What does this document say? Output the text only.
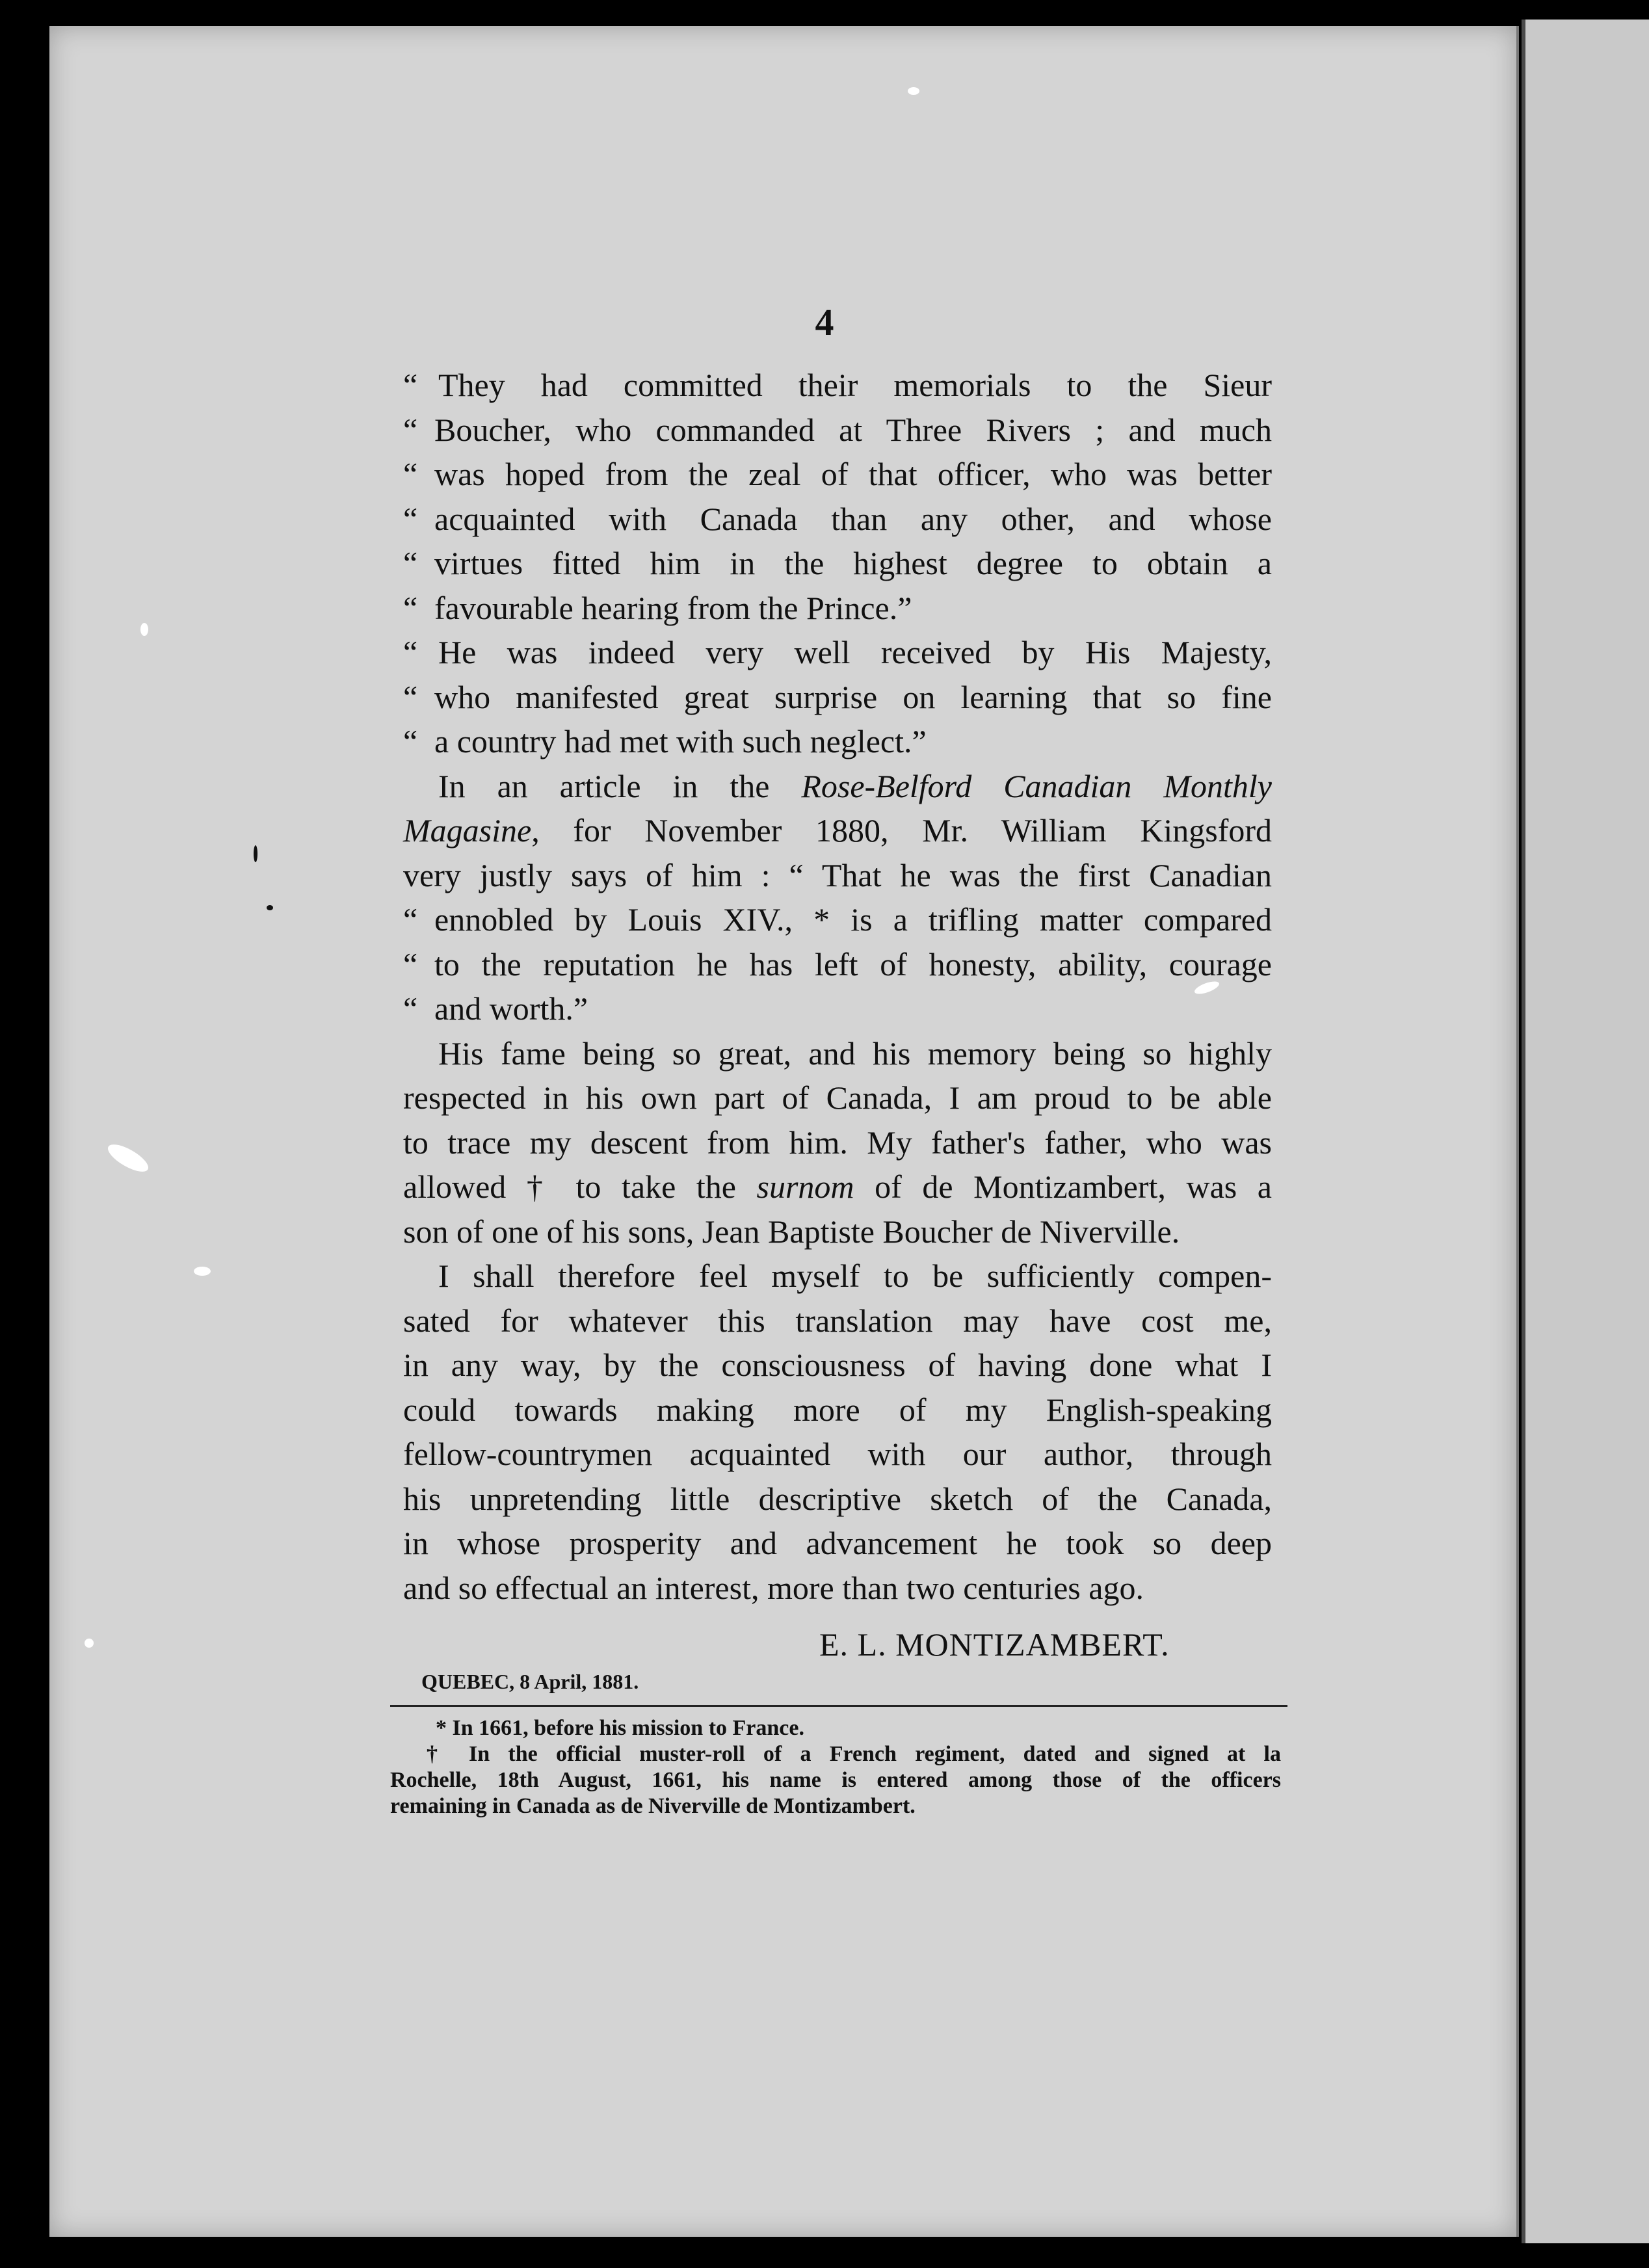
4
“ They had committed their memorials to the Sieur
“ Boucher, who commanded at Three Rivers ; and much
“ was hoped from the zeal of that officer, who was better
“ acquainted with Canada than any other, and whose
“ virtues fitted him in the highest degree to obtain a
“ favourable hearing from the Prince.”
“ He was indeed very well received by His Majesty,
“ who manifested great surprise on learning that so fine
“ a country had met with such neglect.”
In an article in the Rose-Belford Canadian Monthly
Magasine, for November 1880, Mr. William Kingsford
very justly says of him : “ That he was the first Canadian
“ ennobled by Louis XIV., * is a trifling matter compared
“ to the reputation he has left of honesty, ability, courage
“ and worth.”
His fame being so great, and his memory being so highly
respected in his own part of Canada, I am proud to be able
to trace my descent from him. My father's father, who was
allowed † to take the surnom of de Montizambert, was a
son of one of his sons, Jean Baptiste Boucher de Niverville.
I shall therefore feel myself to be sufficiently compen-
sated for whatever this translation may have cost me,
in any way, by the consciousness of having done what I
could towards making more of my English-speaking
fellow-countrymen acquainted with our author, through
his unpretending little descriptive sketch of the Canada,
in whose prosperity and advancement he took so deep
and so effectual an interest, more than two centuries ago.
E. L. MONTIZAMBERT.
QUEBEC, 8 April, 1881.
* In 1661, before his mission to France.
† In the official muster-roll of a French regiment, dated and signed at la
Rochelle, 18th August, 1661, his name is entered among those of the officers
remaining in Canada as de Niverville de Montizambert.
